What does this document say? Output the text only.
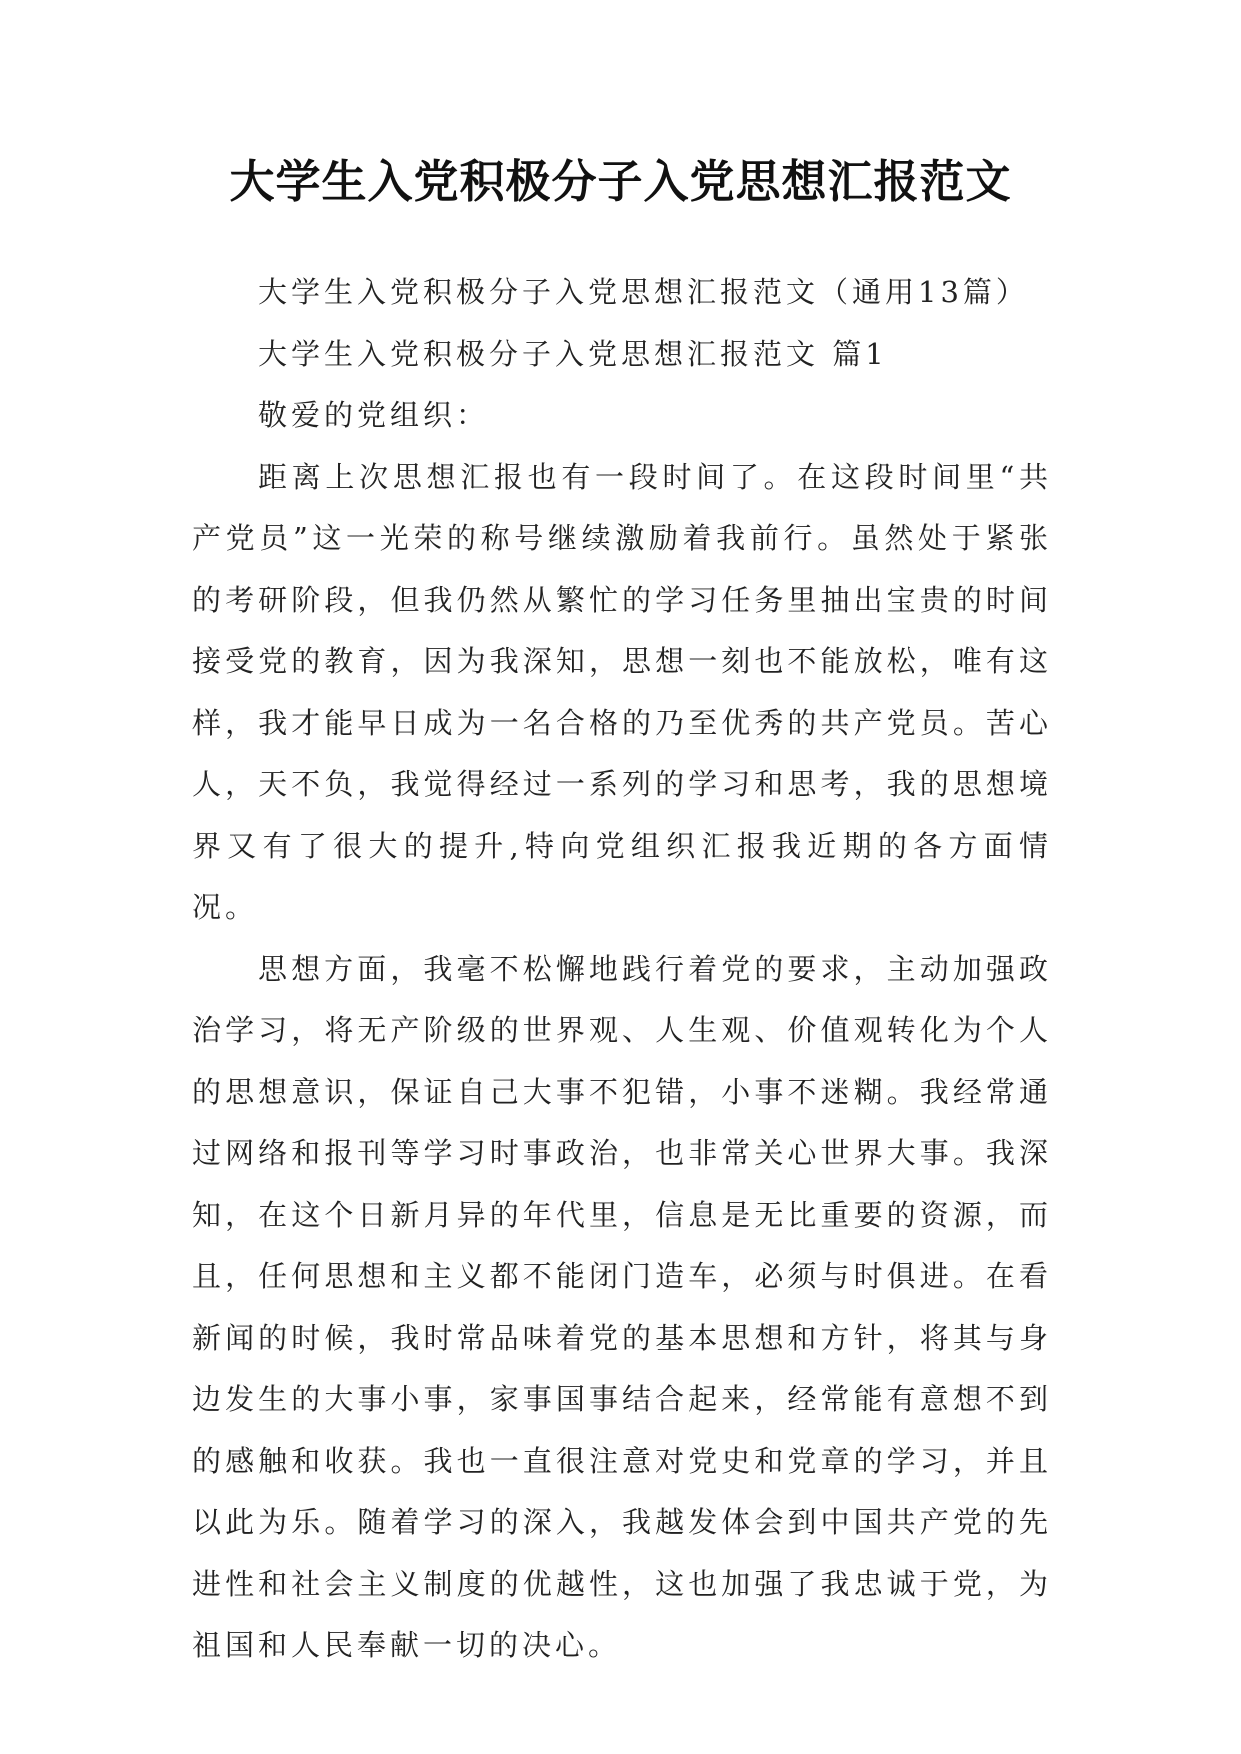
大学生入党积极分子入党思想汇报范文

大学生入党积极分子入党思想汇报范文（通用13篇）

大学生入党积极分子入党思想汇报范文 篇1

敬爱的党组织：

距离上次思想汇报也有一段时间了。在这段时间里“共产党员”这一光荣的称号继续激励着我前行。虽然处于紧张的考研阶段，但我仍然从繁忙的学习任务里抽出宝贵的时间接受党的教育，因为我深知，思想一刻也不能放松，唯有这样，我才能早日成为一名合格的乃至优秀的共产党员。苦心人，天不负，我觉得经过一系列的学习和思考，我的思想境界又有了很大的提升,特向党组织汇报我近期的各方面情况。

思想方面，我毫不松懈地践行着党的要求，主动加强政治学习，将无产阶级的世界观、人生观、价值观转化为个人的思想意识，保证自己大事不犯错，小事不迷糊。我经常通过网络和报刊等学习时事政治，也非常关心世界大事。我深知，在这个日新月异的年代里，信息是无比重要的资源，而且，任何思想和主义都不能闭门造车，必须与时俱进。在看新闻的时候，我时常品味着党的基本思想和方针，将其与身边发生的大事小事，家事国事结合起来，经常能有意想不到的感触和收获。我也一直很注意对党史和党章的学习，并且以此为乐。随着学习的深入，我越发体会到中国共产党的先进性和社会主义制度的优越性，这也加强了我忠诚于党，为祖国和人民奉献一切的决心。
